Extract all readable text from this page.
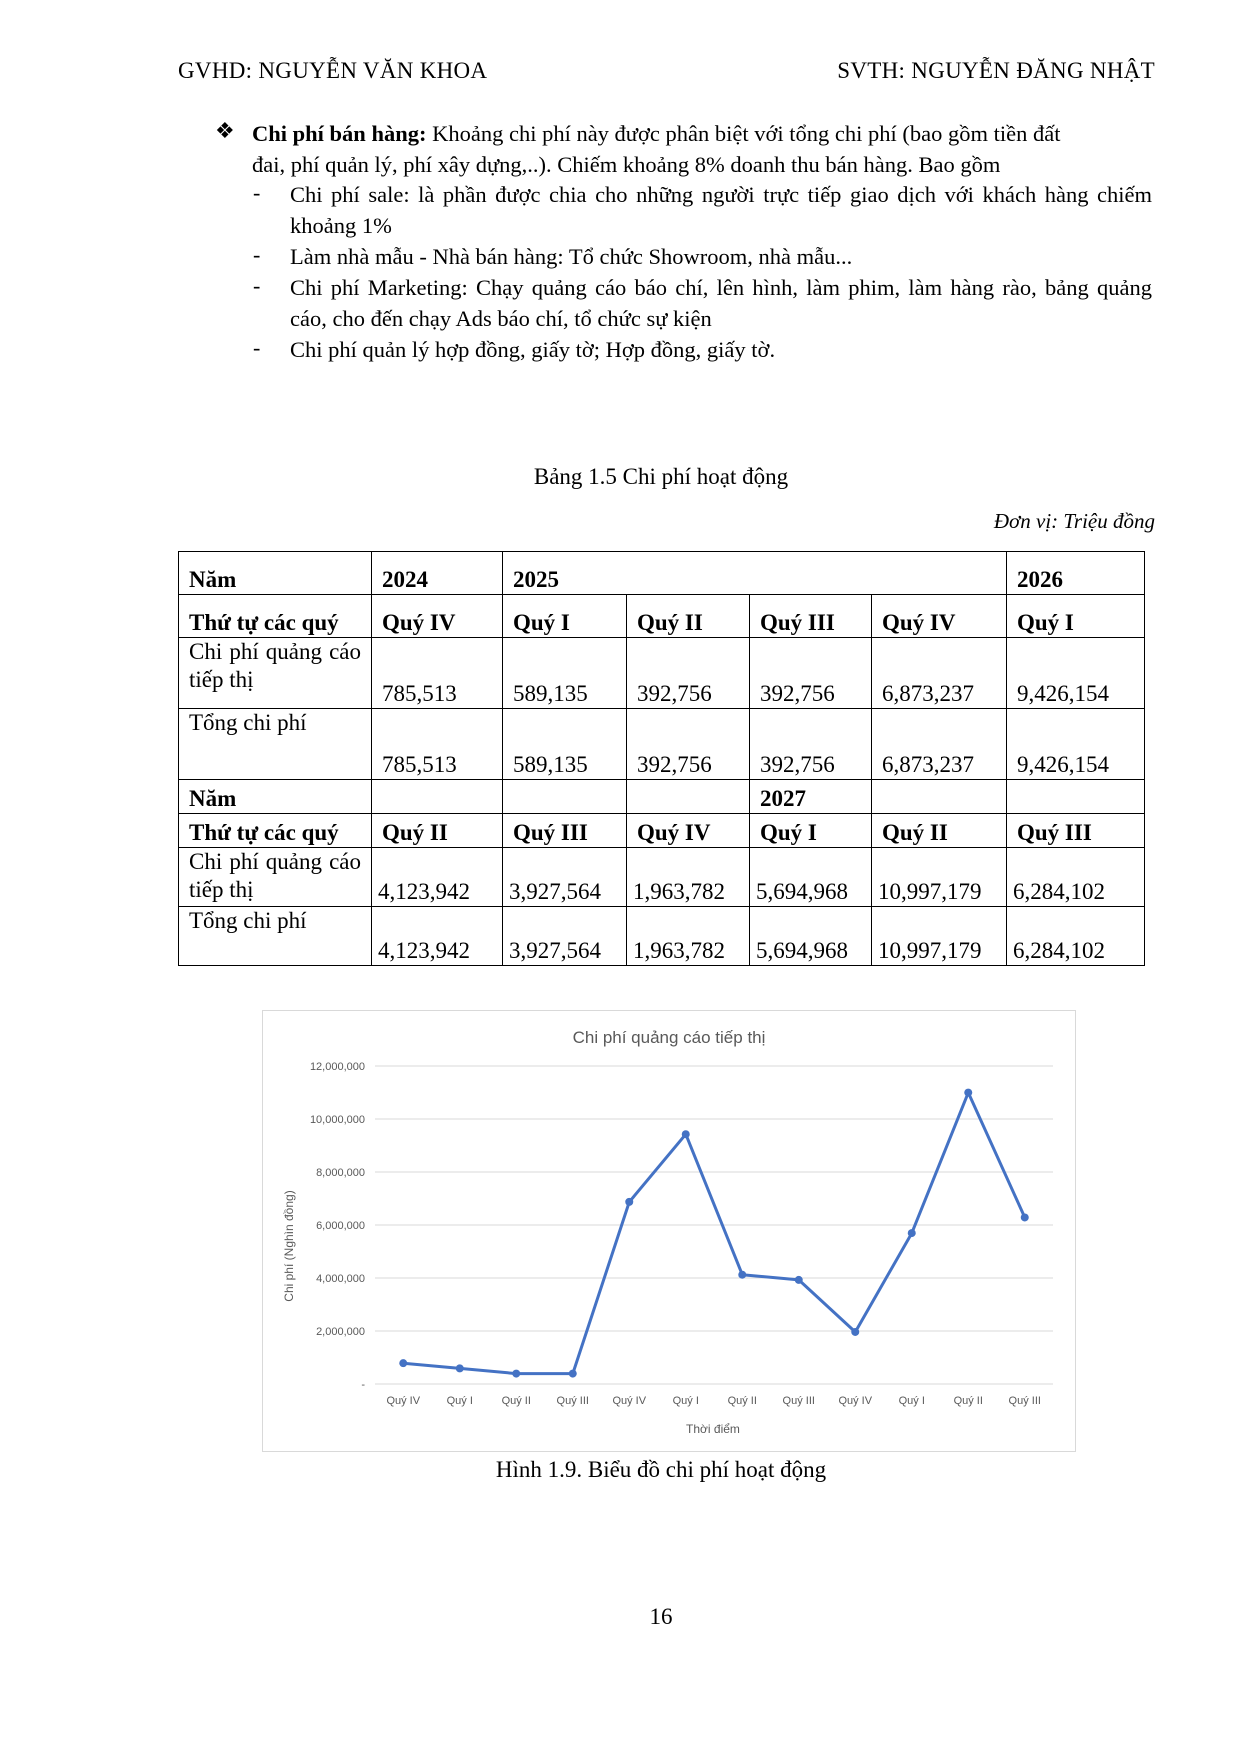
GVHD: NGUYỄN VĂN KHOA	SVTH: NGUYỄN ĐĂNG NHẬT
❖ Chi phí bán hàng: Khoảng chi phí này được phân biệt với tổng chi phí (bao gồm tiền đất
đai, phí quản lý, phí xây dựng,..). Chiếm khoảng 8% doanh thu bán hàng. Bao gồm
- Chi phí sale: là phần được chia cho những người trực tiếp giao dịch với khách hàng chiếm khoảng 1%
- Làm nhà mẫu - Nhà bán hàng: Tổ chức Showroom, nhà mẫu...
- Chi phí Marketing: Chạy quảng cáo báo chí, lên hình, làm phim, làm hàng rào, bảng quảng cáo, cho đến chạy Ads báo chí, tổ chức sự kiện
- Chi phí quản lý hợp đồng, giấy tờ; Hợp đồng, giấy tờ.
Bảng 1.5 Chi phí hoạt động
Đơn vị: Triệu đồng
Năm	2024	2025				2026
Thứ tự các quý	Quý IV	Quý I	Quý II	Quý III	Quý IV	Quý I
Chi phí quảng cáo tiếp thị	785,513	589,135	392,756	392,756	6,873,237	9,426,154
Tổng chi phí	785,513	589,135	392,756	392,756	6,873,237	9,426,154
Năm				2027		
Thứ tự các quý	Quý II	Quý III	Quý IV	Quý I	Quý II	Quý III
Chi phí quảng cáo tiếp thị	4,123,942	3,927,564	1,963,782	5,694,968	10,997,179	6,284,102
Tổng chi phí	4,123,942	3,927,564	1,963,782	5,694,968	10,997,179	6,284,102
Chi phí quảng cáo tiếp thị
Thời điểm
Chi phí (Nghìn đồng)
-
2,000,000
4,000,000
6,000,000
8,000,000
10,000,000
12,000,000
Quý IV Quý I	Quý II Quý III Quý IV Quý I	Quý II Quý III Quý IV Quý I	Quý II Quý III
Hình 1.9. Biểu đồ chi phí hoạt động
16
